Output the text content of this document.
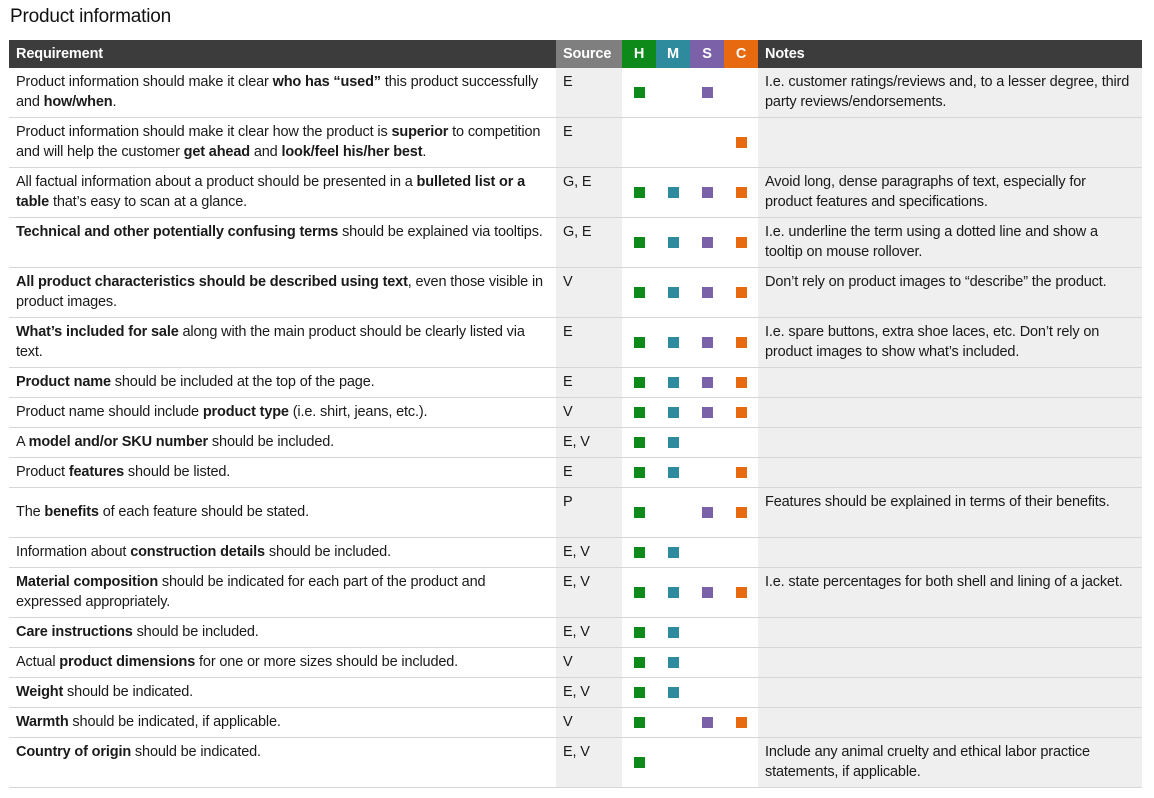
Product information
Requirement	Source	H	M	S	C	Notes
Product information should make it clear who has “used” this product successfully and how/when.	E					I.e. customer ratings/reviews and, to a lesser degree, third party reviews/endorsements.
Product information should make it clear how the product is superior to competition and will help the customer get ahead and look/feel his/her best.	E					
All factual information about a product should be presented in a bulleted list or a table that’s easy to scan at a glance.	G, E					Avoid long, dense paragraphs of text, especially for product features and specifications.
Technical and other potentially confusing terms should be explained via tooltips.	G, E					I.e. underline the term using a dotted line and show a tooltip on mouse rollover.
All product characteristics should be described using text, even those visible in product images.	V					Don’t rely on product images to “describe” the product.
What’s included for sale along with the main product should be clearly listed via text.	E					I.e. spare buttons, extra shoe laces, etc. Don’t rely on product images to show what’s included.
Product name should be included at the top of the page.	E					
Product name should include product type (i.e. shirt, jeans, etc.).	V					
A model and/or SKU number should be included.	E, V					
Product features should be listed.	E					
The benefits of each feature should be stated.	P					Features should be explained in terms of their benefits.
Information about construction details should be included.	E, V					
Material composition should be indicated for each part of the product and expressed appropriately.	E, V					I.e. state percentages for both shell and lining of a jacket.
Care instructions should be included.	E, V					
Actual product dimensions for one or more sizes should be included.	V					
Weight should be indicated.	E, V					
Warmth should be indicated, if applicable.	V					
Country of origin should be indicated.	E, V					Include any animal cruelty and ethical labor practice statements, if applicable.
